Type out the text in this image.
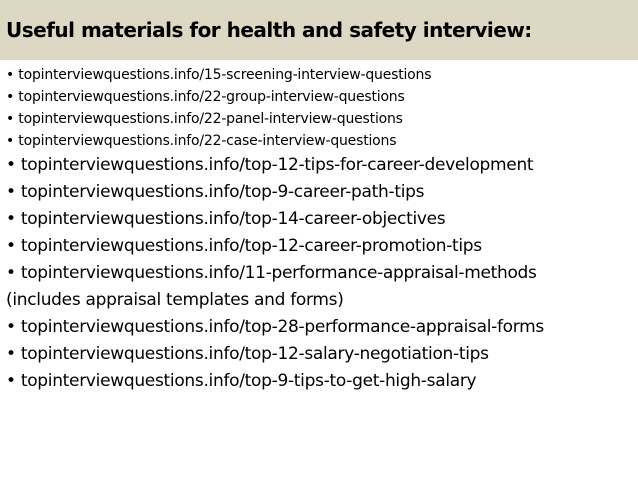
Useful materials for health and safety interview:
• topinterviewquestions.info/15-screening-interview-questions
• topinterviewquestions.info/22-group-interview-questions
• topinterviewquestions.info/22-panel-interview-questions
• topinterviewquestions.info/22-case-interview-questions
• topinterviewquestions.info/top-12-tips-for-career-development
• topinterviewquestions.info/top-9-career-path-tips
• topinterviewquestions.info/top-14-career-objectives
• topinterviewquestions.info/top-12-career-promotion-tips
• topinterviewquestions.info/11-performance-appraisal-methods
(includes appraisal templates and forms)
• topinterviewquestions.info/top-28-performance-appraisal-forms
• topinterviewquestions.info/top-12-salary-negotiation-tips
• topinterviewquestions.info/top-9-tips-to-get-high-salary
